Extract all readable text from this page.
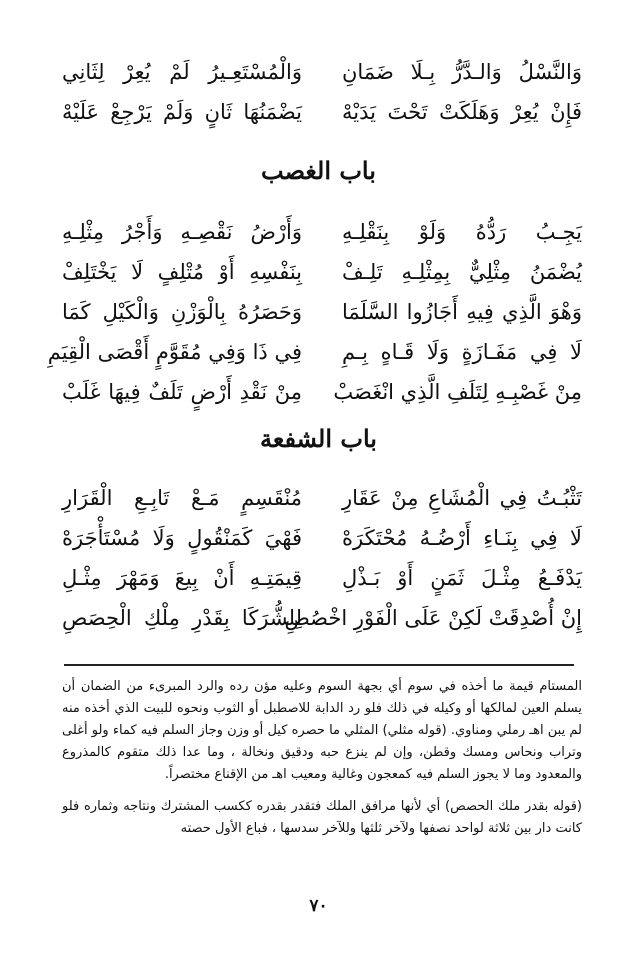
وَالنَّسْلُ وَالـدَّرُّ بِـلَا ضَمَانِ
وَالْمُسْتَعِـيرُ لَمْ يُعِرْ لِثَانِي
فَإِنْ يُعِرْ وَهَلَكَتْ تَحْتَ يَدَيْهْ
يَضْمَنُهَا ثَانٍ وَلَمْ يَرْجِعْ عَلَيْهْ
باب الغصب
يَجِـبُ رَدُّهُ وَلَوْ بِنَقْلِـهِ
وَأَرْضُ نَقْصِـهِ وَأَجْرُ مِثْلِـهِ
يُضْمَنُ مِثْلِيٌّ بِمِثْلِـهِ تَلِـفْ
بِنَفْسِهِ أَوْ مُتْلِفٍ لَا يَخْتَلِفْ
وَهْوَ الَّذِي فِيهِ أَجَازُوا السَّلَمَا
وَحَصَرُهُ بِالْوَزْنِ وَالْكَيْلِ كَمَا
لَا فِي مَفَـازَةٍ وَلَا قَـاهٍ بِـمِ
فِي ذَا وَفِي مُقَوَّمٍ أَقْصَى الْقِيَمِ
مِنْ غَصْبِـهِ لِتَلَفِ الَّذِي انْغَصَبْ
مِنْ نَقْدِ أَرْضٍ تَلَفٌ فِيهَا غَلَبْ
باب الشفعة
تَثْبُـتُ فِي الْمُشَاعِ مِنْ عَقَارِ
مُنْقَسِمٍ مَـعْ تَابِـعِ الْقَرَارِ
لَا فِي بِنَـاءِ أَرْضُـهُ مُحْتَكَرَهْ
فَهْيَ كَمَنْقُولٍ وَلَا مُسْتَأْجَرَهْ
يَدْفَـعُ مِثْـلَ ثَمَنٍ أَوْ بَـذْلِ
قِيمَتِـهِ أَنْ بِيعَ وَمَهْرَ مِثْـلِ
إِنْ أُصْدِقَتْ لَكِنْ عَلَى الْفَوْرِ اخْصُصِ
لِلشُّرَكَا بِقَدْرِ مِلْكِ الْحِصَصِ

المستام قيمة ما أخذه في سوم أي بجهة السوم وعليه مؤن رده والرد المبرىء من الضمان أن يسلم العين لمالكها أو وكيله في ذلك فلو رد الدابة للاصطبل أو الثوب ونحوه للبيت الذي أخذه منه لم يبن اهـ رملي ومناوي. (قوله مثلي) المثلي ما حصره كيل أو وزن وجاز السلم فيه كماء ولو أغلى وتراب ونحاس ومسك وقطن، وإن لم ينزع حبه ودقيق ونخالة ، وما عدا ذلك متقوم كالمذروع والمعدود وما لا يجوز السلم فيه كمعجون وغالية ومعيب اهـ من الإقناع مختصراً.

(قوله بقدر ملك الحصص) أي لأنها مرافق الملك فتقدر بقدره ككسب المشترك ونتاجه وثماره فلو كانت دار بين ثلاثة لواحد نصفها ولآخر ثلثها وللآخر سدسها ، فباع الأول حصته

٧٠
